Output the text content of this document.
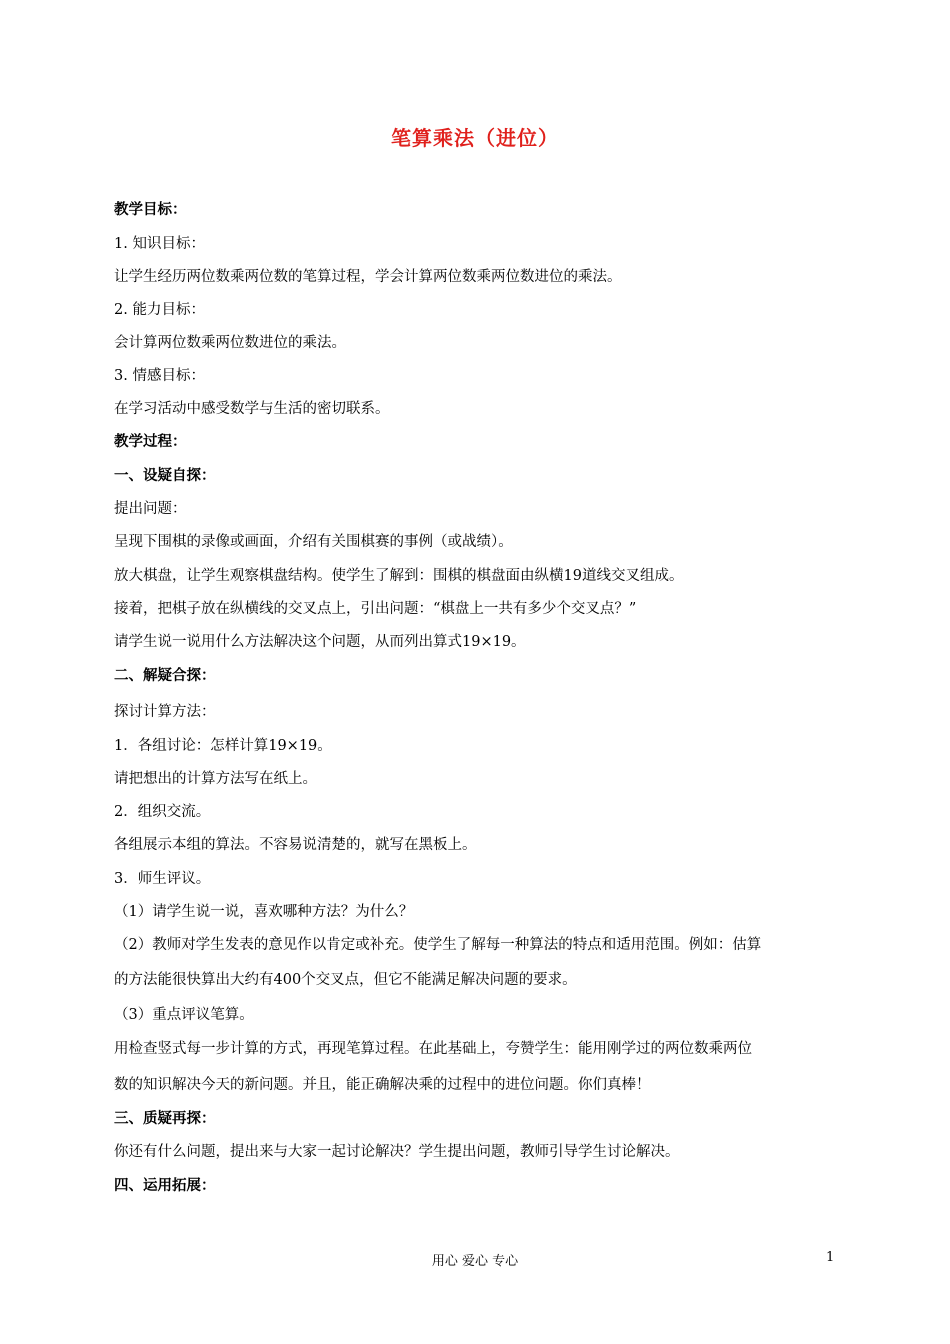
笔算乘法（进位）
教学目标：
1. 知识目标：
让学生经历两位数乘两位数的笔算过程，学会计算两位数乘两位数进位的乘法。
2. 能力目标：
会计算两位数乘两位数进位的乘法。
3. 情感目标：
在学习活动中感受数学与生活的密切联系。
教学过程：
一、设疑自探：
提出问题：
呈现下围棋的录像或画面，介绍有关围棋赛的事例（或战绩）。
放大棋盘，让学生观察棋盘结构。使学生了解到：围棋的棋盘面由纵横19道线交叉组成。
接着，把棋子放在纵横线的交叉点上，引出问题：“棋盘上一共有多少个交叉点？”
请学生说一说用什么方法解决这个问题，从而列出算式19×19。
二、解疑合探：
探讨计算方法：
1．各组讨论：怎样计算19×19。
请把想出的计算方法写在纸上。
2．组织交流。
各组展示本组的算法。不容易说清楚的，就写在黑板上。
3．师生评议。
（1）请学生说一说，喜欢哪种方法？为什么？
（2）教师对学生发表的意见作以肯定或补充。使学生了解每一种算法的特点和适用范围。例如：估算
的方法能很快算出大约有400个交叉点，但它不能满足解决问题的要求。
（3）重点评议笔算。
用检查竖式每一步计算的方式，再现笔算过程。在此基础上，夸赞学生：能用刚学过的两位数乘两位
数的知识解决今天的新问题。并且，能正确解决乘的过程中的进位问题。你们真棒！
三、质疑再探：
你还有什么问题，提出来与大家一起讨论解决？学生提出问题，教师引导学生讨论解决。
四、运用拓展：
用心 爱心 专心	1
